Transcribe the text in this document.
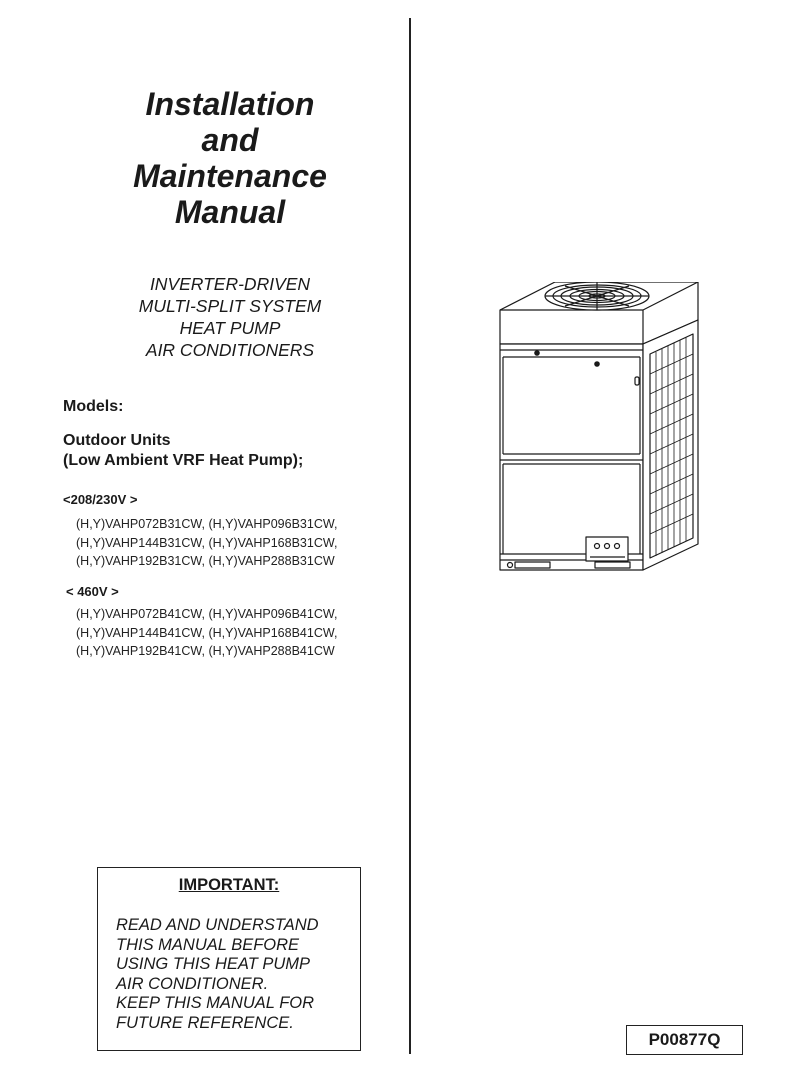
Installation
and
Maintenance
Manual
INVERTER-DRIVEN
MULTI-SPLIT SYSTEM
HEAT PUMP
AIR CONDITIONERS
Models:
Outdoor Units
(Low Ambient VRF Heat Pump);
<208/230V >
(H,Y)VAHP072B31CW, (H,Y)VAHP096B31CW,
(H,Y)VAHP144B31CW, (H,Y)VAHP168B31CW,
(H,Y)VAHP192B31CW, (H,Y)VAHP288B31CW
< 460V >
(H,Y)VAHP072B41CW, (H,Y)VAHP096B41CW,
(H,Y)VAHP144B41CW, (H,Y)VAHP168B41CW,
(H,Y)VAHP192B41CW, (H,Y)VAHP288B41CW
IMPORTANT:
READ AND UNDERSTAND
THIS MANUAL BEFORE
USING THIS HEAT PUMP
AIR CONDITIONER.
KEEP THIS MANUAL FOR
FUTURE REFERENCE.
P00877Q
